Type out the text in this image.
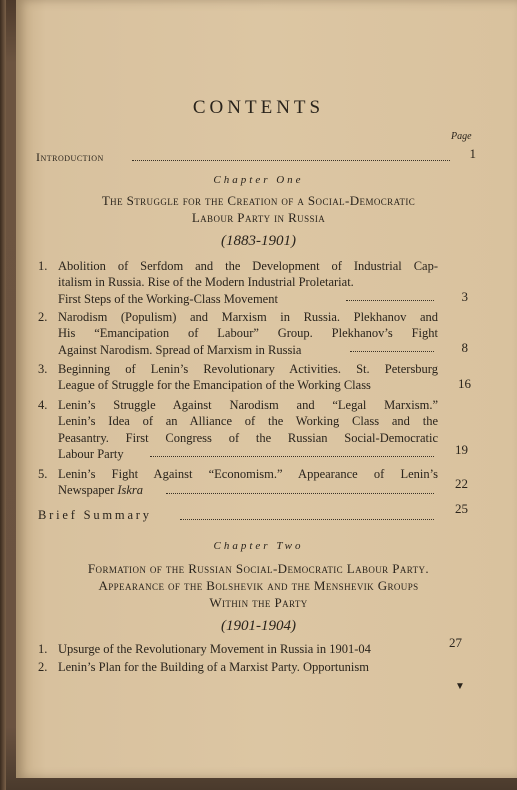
CONTENTS
Page
Introduction	1
Chapter One
The Struggle for the Creation of a Social-Democratic
Labour Party in Russia
(1883-1901)
1. Abolition of Serfdom and the Development of Industrial Cap-
italism in Russia. Rise of the Modern Industrial Proletariat.
First Steps of the Working-Class Movement	3
2. Narodism (Populism) and Marxism in Russia. Plekhanov and
His “Emancipation of Labour” Group. Plekhanov’s Fight
Against Narodism. Spread of Marxism in Russia	8
3. Beginning of Lenin’s Revolutionary Activities. St. Petersburg
League of Struggle for the Emancipation of the Working Class	16
4. Lenin’s Struggle Against Narodism and “Legal Marxism.”
Lenin’s Idea of an Alliance of the Working Class and the
Peasantry. First Congress of the Russian Social-Democratic
Labour Party	19
5. Lenin’s Fight Against “Economism.” Appearance of Lenin’s
Newspaper Iskra	22
Brief Summary	25
Chapter Two
Formation of the Russian Social-Democratic Labour Party.
Appearance of the Bolshevik and the Menshevik Groups
Within the Party
(1901-1904)
1. Upsurge of the Revolutionary Movement in Russia in 1901-04	27
2. Lenin’s Plan for the Building of a Marxist Party. Opportunism
▼
